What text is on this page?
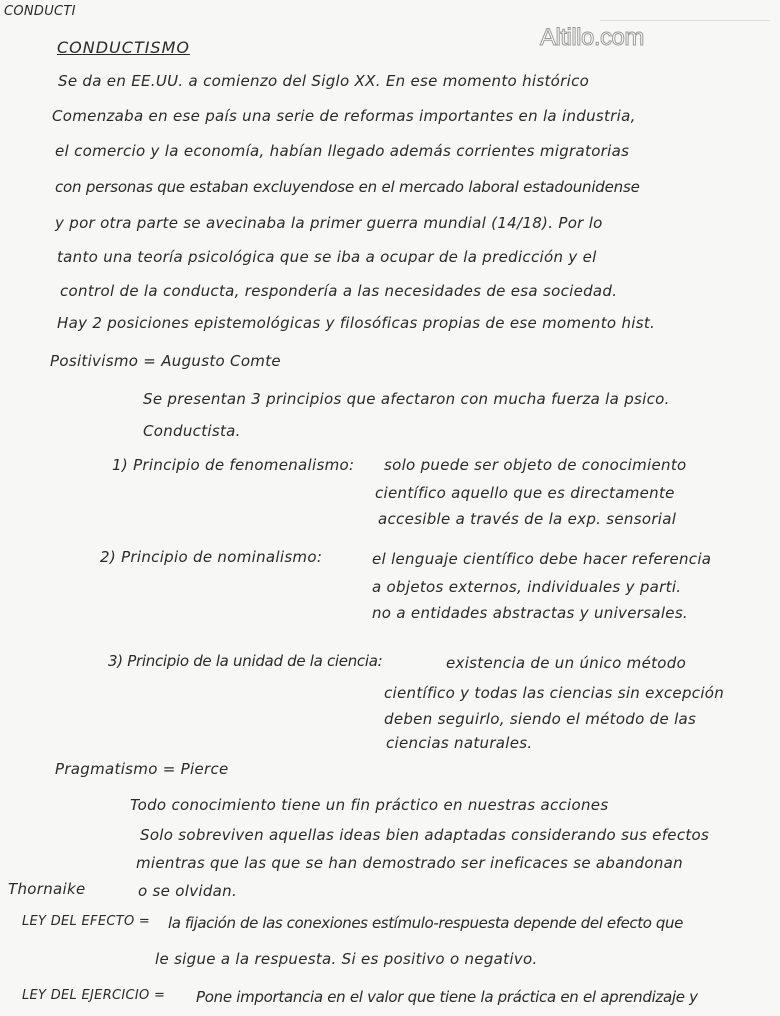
CONDUCTI
CONDUCTISMO	Altillo.com
Se da en EE.UU. a comienzo del Siglo XX. En ese momento histórico
Comenzaba en ese país una serie de reformas importantes en la industria,
el comercio y la economía, habían llegado además corrientes migratorias
con personas que estaban excluyendose en el mercado laboral estadounidense
y por otra parte se avecinaba la primer guerra mundial (14/18). Por lo
tanto una teoría psicológica que se iba a ocupar de la predicción y el
control de la conducta, respondería a las necesidades de esa sociedad.
Hay 2 posiciones epistemológicas y filosóficas propias de ese momento hist.
Positivismo = Augusto Comte
Se presentan 3 principios que afectaron con mucha fuerza la psico.
Conductista.
1) Principio de fenomenalismo: solo puede ser objeto de conocimiento
científico aquello que es directamente
accesible a través de la exp. sensorial
2) Principio de nominalismo:	el lenguaje científico debe hacer referencia
a objetos externos, individuales y parti.
no a entidades abstractas y universales.
3) Principio de la unidad de la ciencia:	existencia de un único método
científico y todas las ciencias sin excepción
deben seguirlo, siendo el método de las
ciencias naturales.
Pragmatismo = Pierce
Todo conocimiento tiene un fin práctico en nuestras acciones
Solo sobreviven aquellas ideas bien adaptadas considerando sus efectos
mientras que las que se han demostrado ser ineficaces se abandonan
o se olvidan.
Thornaike
LEY DEL EFECTO = la fijación de las conexiones estímulo-respuesta depende del efecto que
le sigue a la respuesta. Si es positivo o negativo.
LEY DEL EJERCICIO = Pone importancia en el valor que tiene la práctica en el aprendizaje y
